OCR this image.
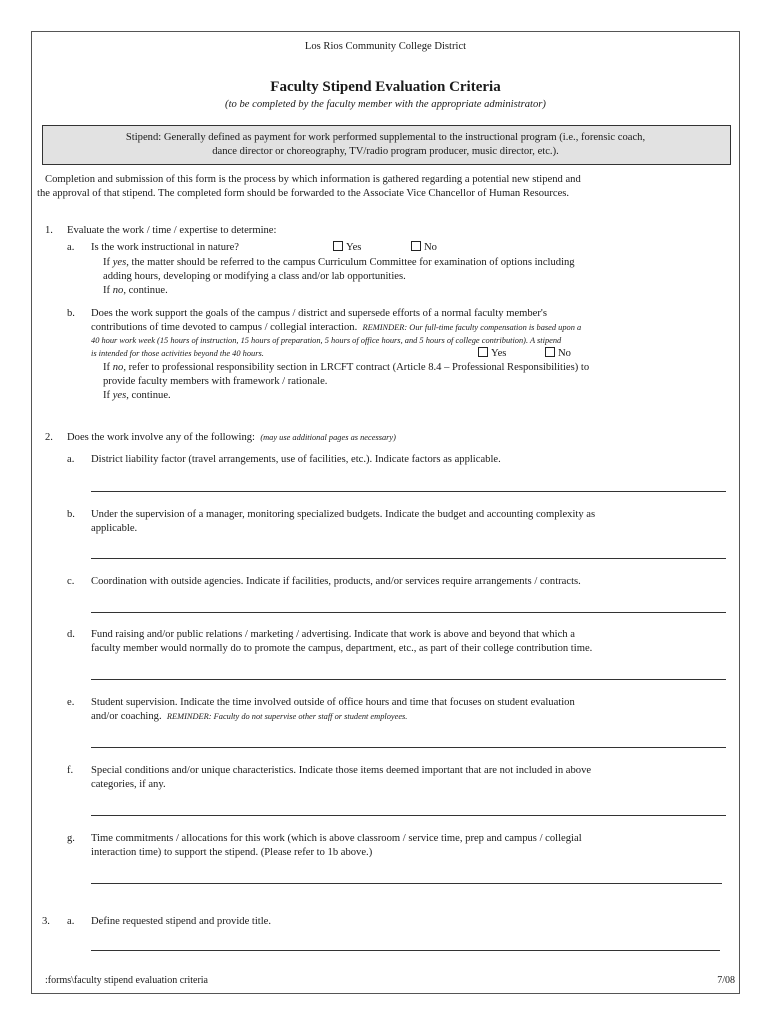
Los Rios Community College District
Faculty Stipend Evaluation Criteria
(to be completed by the faculty member with the appropriate administrator)
Stipend: Generally defined as payment for work performed supplemental to the instructional program (i.e., forensic coach,
dance director or choreography, TV/radio program producer, music director, etc.).
Completion and submission of this form is the process by which information is gathered regarding a potential new stipend and
the approval of that stipend. The completed form should be forwarded to the Associate Vice Chancellor of Human Resources.
1. Evaluate the work / time / expertise to determine:
a. Is the work instructional in nature?	Yes	No
If yes, the matter should be referred to the campus Curriculum Committee for examination of options including
adding hours, developing or modifying a class and/or lab opportunities.
If no, continue.
b. Does the work support the goals of the campus / district and supersede efforts of a normal faculty member's
contributions of time devoted to campus / collegial interaction. REMINDER: Our full-time faculty compensation is based upon a
40 hour work week (15 hours of instruction, 15 hours of preparation, 5 hours of office hours, and 5 hours of college contribution). A stipend
is intended for those activities beyond the 40 hours.	Yes	No
If no, refer to professional responsibility section in LRCFT contract (Article 8.4 – Professional Responsibilities) to
provide faculty members with framework / rationale.
If yes, continue.
2. Does the work involve any of the following: (may use additional pages as necessary)
a. District liability factor (travel arrangements, use of facilities, etc.). Indicate factors as applicable.
b. Under the supervision of a manager, monitoring specialized budgets. Indicate the budget and accounting complexity as
applicable.
c. Coordination with outside agencies. Indicate if facilities, products, and/or services require arrangements / contracts.
d. Fund raising and/or public relations / marketing / advertising. Indicate that work is above and beyond that which a
faculty member would normally do to promote the campus, department, etc., as part of their college contribution time.
e. Student supervision. Indicate the time involved outside of office hours and time that focuses on student evaluation
and/or coaching. REMINDER: Faculty do not supervise other staff or student employees.
f. Special conditions and/or unique characteristics. Indicate those items deemed important that are not included in above
categories, if any.
g. Time commitments / allocations for this work (which is above classroom / service time, prep and campus / collegial
interaction time) to support the stipend. (Please refer to 1b above.)
3. a. Define requested stipend and provide title.
:forms\faculty stipend evaluation criteria	7/08
